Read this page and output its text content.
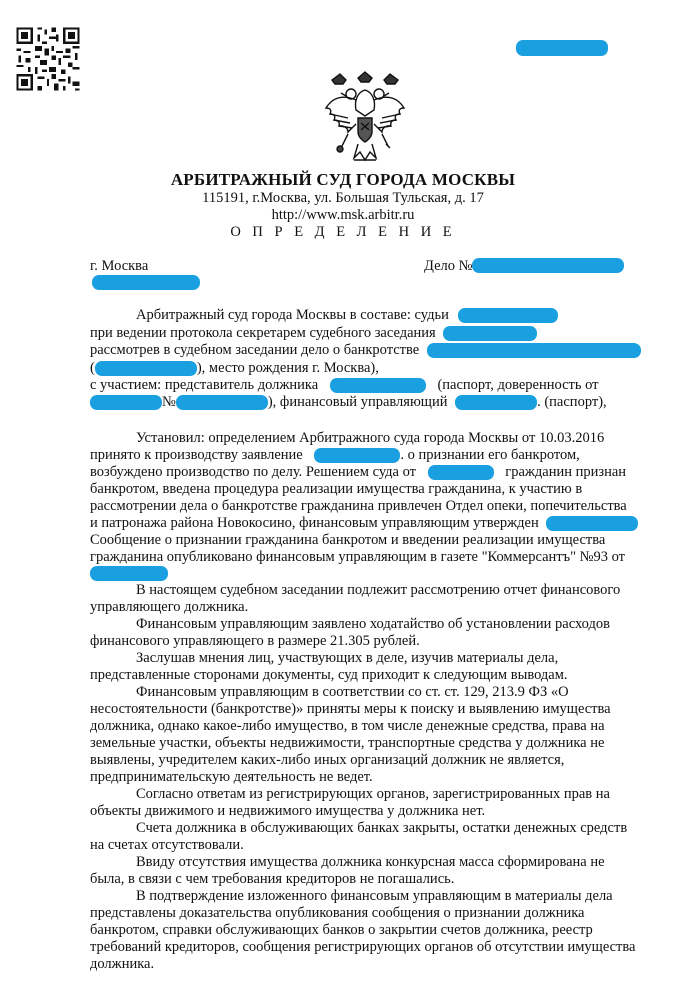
АРБИТРАЖНЫЙ СУД ГОРОДА МОСКВЫ
115191, г.Москва, ул. Большая Тульская, д. 17
http://www.msk.arbitr.ru
О П Р Е Д Е Л Е Н И Е
г. Москва	Дело №
Арбитражный суд города Москвы в составе: судьи
при ведении протокола секретарем судебного заседания
рассмотрев в судебном заседании дело о банкротстве
(	), место рождения г. Москва),
с участием: представитель должника	(паспорт, доверенность от
№	), финансовый управляющий	. (паспорт),
Установил: определением Арбитражного суда города Москвы от 10.03.2016
принято к производству заявление	. о признании его банкротом,
возбуждено производство по делу. Решением суда от	гражданин признан
банкротом, введена процедура реализации имущества гражданина, к участию в
рассмотрении дела о банкротстве гражданина привлечен Отдел опеки, попечительства
и патронажа района Новокосино, финансовым управляющим утвержден
Сообщение о признании гражданина банкротом и введении реализации имущества
гражданина опубликовано финансовым управляющим в газете "Коммерсантъ" №93 от
В настоящем судебном заседании подлежит рассмотрению отчет финансового
управляющего должника.
Финансовым управляющим заявлено ходатайство об установлении расходов
финансового управляющего в размере 21.305 рублей.
Заслушав мнения лиц, участвующих в деле, изучив материалы дела,
представленные сторонами документы, суд приходит к следующим выводам.
Финансовым управляющим в соответствии со ст. ст. 129, 213.9 ФЗ «О
несостоятельности (банкротстве)» приняты меры к поиску и выявлению имущества
должника, однако какое-либо имущество, в том числе денежные средства, права на
земельные участки, объекты недвижимости, транспортные средства у должника не
выявлены, учредителем каких-либо иных организаций должник не является,
предпринимательскую деятельность не ведет.
Согласно ответам из регистрирующих органов, зарегистрированных прав на
объекты движимого и недвижимого имущества у должника нет.
Счета должника в обслуживающих банках закрыты, остатки денежных средств
на счетах отсутствовали.
Ввиду отсутствия имущества должника конкурсная масса сформирована не
была, в связи с чем требования кредиторов не погашались.
В подтверждение изложенного финансовым управляющим в материалы дела
представлены доказательства опубликования сообщения о признании должника
банкротом, справки обслуживающих банков о закрытии счетов должника, реестр
требований кредиторов, сообщения регистрирующих органов об отсутствии имущества
должника.
